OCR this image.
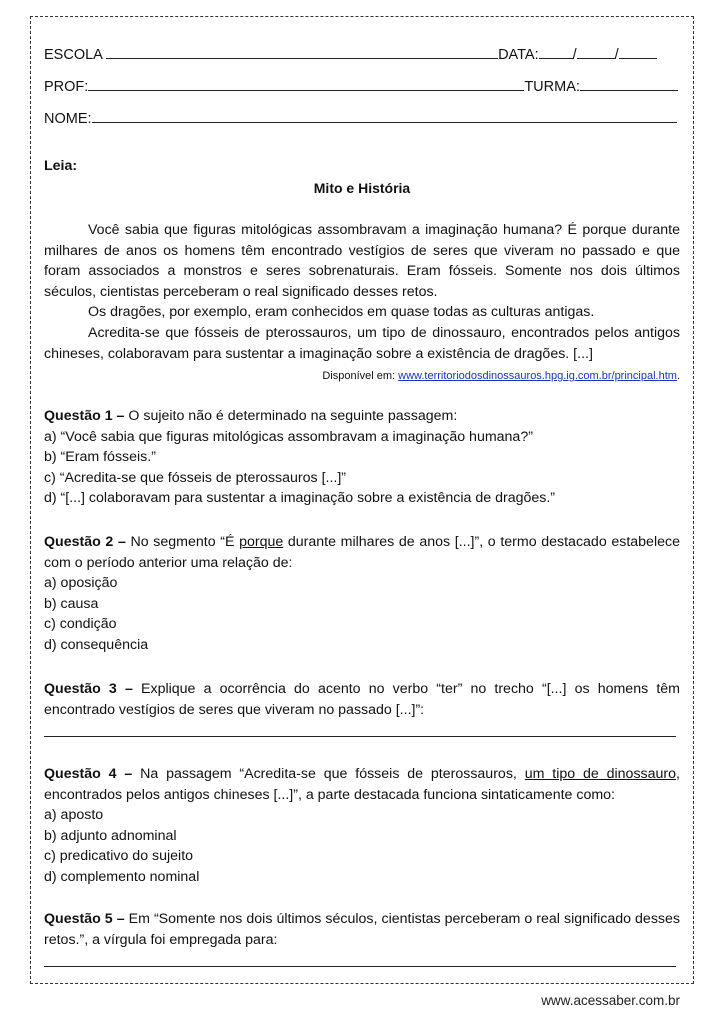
ESCOLA	DATA: /	/
PROF:	TURMA:
NOME:
Leia:
Mito e História

Você sabia que figuras mitológicas assombravam a imaginação humana? É porque durante milhares de anos os homens têm encontrado vestígios de seres que viveram no passado e que foram associados a monstros e seres sobrenaturais. Eram fósseis. Somente nos dois últimos séculos, cientistas perceberam o real significado desses retos.

Os dragões, por exemplo, eram conhecidos em quase todas as culturas antigas.

Acredita-se que fósseis de pterossauros, um tipo de dinossauro, encontrados pelos antigos chineses, colaboravam para sustentar a imaginação sobre a existência de dragões. [...]

Disponível em: www.territoriodosdinossauros.hpg.ig.com.br/principal.htm.
Questão 1 – O sujeito não é determinado na seguinte passagem:
a) “Você sabia que figuras mitológicas assombravam a imaginação humana?”
b) “Eram fósseis.”
c) “Acredita-se que fósseis de pterossauros [...]”
d) “[...] colaboravam para sustentar a imaginação sobre a existência de dragões.”
Questão 2 – No segmento “É porque durante milhares de anos [...]”, o termo destacado estabelece com o período anterior uma relação de:
a) oposição
b) causa
c) condição
d) consequência
Questão 3 – Explique a ocorrência do acento no verbo “ter” no trecho “[...] os homens têm encontrado vestígios de seres que viveram no passado [...]”:
Questão 4 – Na passagem “Acredita-se que fósseis de pterossauros, um tipo de dinossauro, encontrados pelos antigos chineses [...]”, a parte destacada funciona sintaticamente como:
a) aposto
b) adjunto adnominal
c) predicativo do sujeito
d) complemento nominal
Questão 5 – Em “Somente nos dois últimos séculos, cientistas perceberam o real significado desses retos.”, a vírgula foi empregada para:
www.acessaber.com.br
